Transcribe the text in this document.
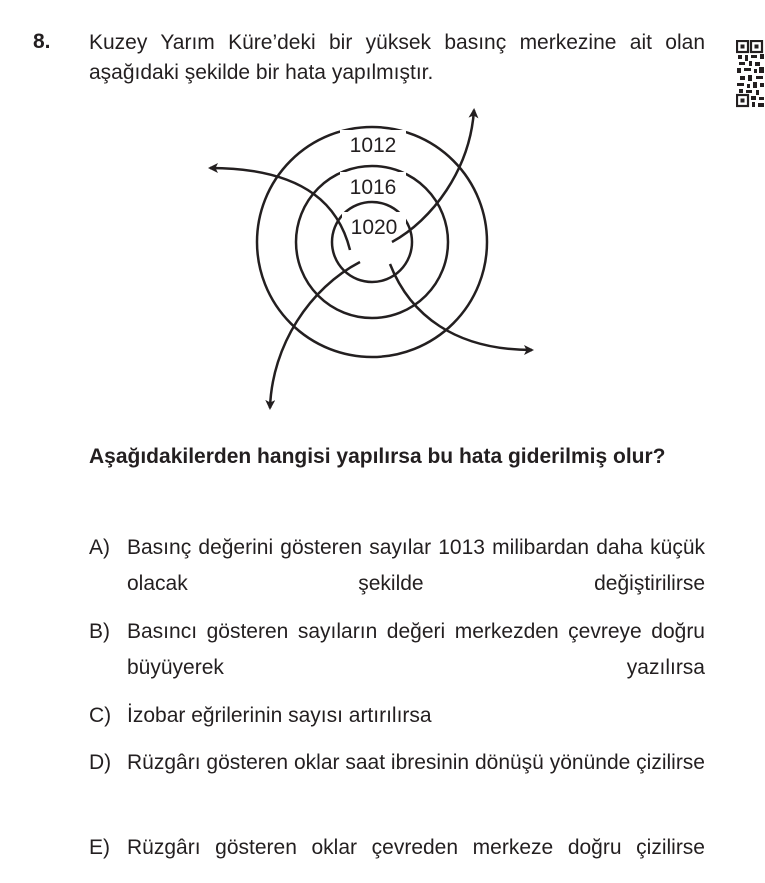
8. Kuzey Yarım Küre’deki bir yüksek basınç merkezine ait olan aşağıdaki şekilde bir hata yapılmıştır.
1012
1016
1020
Aşağıdakilerden hangisi yapılırsa bu hata giderilmiş olur?
A) Basınç değerini gösteren sayılar 1013 milibardan daha küçük olacak şekilde değiştirilirse
B) Basıncı gösteren sayıların değeri merkezden çevreye doğru büyüyerek yazılırsa
C) İzobar eğrilerinin sayısı artırılırsa
D) Rüzgârı gösteren oklar saat ibresinin dönüşü yönünde çizilirse
E) Rüzgârı gösteren oklar çevreden merkeze doğru çizilirse
